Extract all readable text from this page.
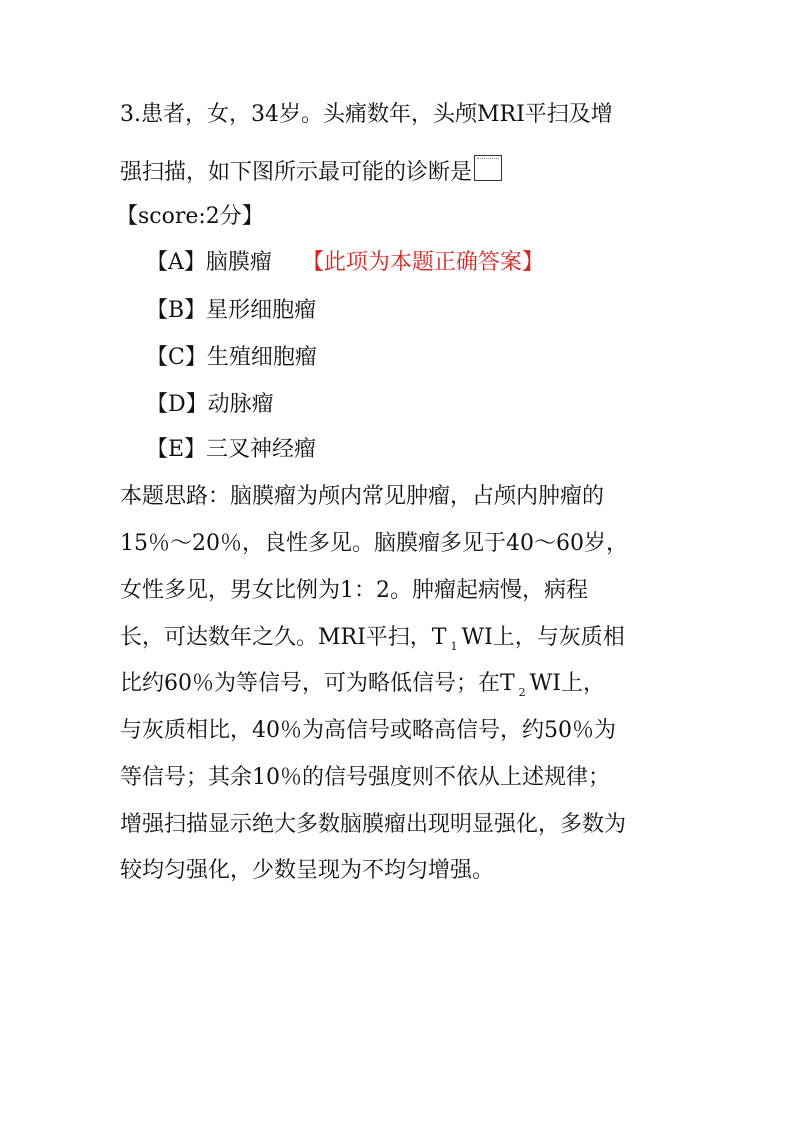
3.患者，女，34岁。头痛数年，头颅MRI平扫及增
强扫描，如下图所示最可能的诊断是
【score:2分】
【A】脑膜瘤 【此项为本题正确答案】
【B】星形细胞瘤
【C】生殖细胞瘤
【D】动脉瘤
【E】三叉神经瘤
本题思路：脑膜瘤为颅内常见肿瘤，占颅内肿瘤的
15％～20％，良性多见。脑膜瘤多见于40～60岁，
女性多见，男女比例为1：2。肿瘤起病慢，病程
长，可达数年之久。MRI平扫，T $_1$ WI上，与灰质相
比约60％为等信号，可为略低信号；在T $_2$ WI上，
与灰质相比，40％为高信号或略高信号，约50％为
等信号；其余10％的信号强度则不依从上述规律；
增强扫描显示绝大多数脑膜瘤出现明显强化，多数为
较均匀强化，少数呈现为不均匀增强。
